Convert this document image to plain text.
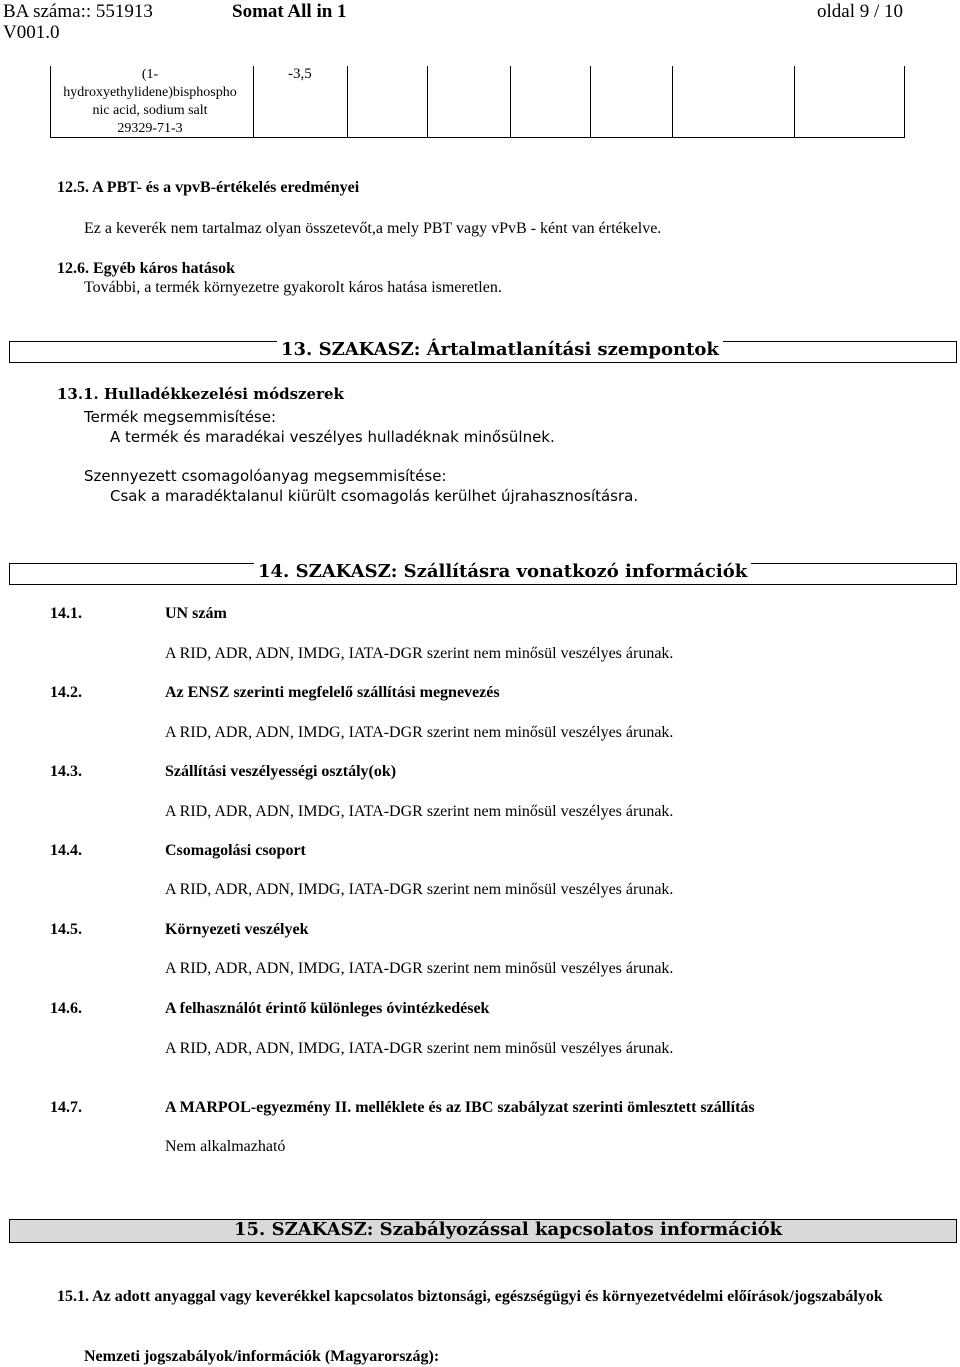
BA száma:: 551913	Somat All in 1	oldal 9 / 10
V001.0
(1-
hydroxyethylidene)bisphospho
nic acid, sodium salt
29329-71-3
-3,5
12.5. A PBT- és a vpvB-értékelés eredményei
Ez a keverék nem tartalmaz olyan összetevőt,a mely PBT vagy vPvB - ként van értékelve.
12.6. Egyéb káros hatások
További, a termék környezetre gyakorolt káros hatása ismeretlen.
13. SZAKASZ: Ártalmatlanítási szempontok
13.1. Hulladékkezelési módszerek
Termék megsemmisítése:
A termék és maradékai veszélyes hulladéknak minősülnek.
Szennyezett csomagolóanyag megsemmisítése:
Csak a maradéktalanul kiürült csomagolás kerülhet újrahasznosításra.
14. SZAKASZ: Szállításra vonatkozó információk
14.1.	UN szám
A RID, ADR, ADN, IMDG, IATA-DGR szerint nem minősül veszélyes árunak.
14.2.	Az ENSZ szerinti megfelelő szállítási megnevezés
A RID, ADR, ADN, IMDG, IATA-DGR szerint nem minősül veszélyes árunak.
14.3.	Szállítási veszélyességi osztály(ok)
A RID, ADR, ADN, IMDG, IATA-DGR szerint nem minősül veszélyes árunak.
14.4.	Csomagolási csoport
A RID, ADR, ADN, IMDG, IATA-DGR szerint nem minősül veszélyes árunak.
14.5.	Környezeti veszélyek
A RID, ADR, ADN, IMDG, IATA-DGR szerint nem minősül veszélyes árunak.
14.6.	A felhasználót érintő különleges óvintézkedések
A RID, ADR, ADN, IMDG, IATA-DGR szerint nem minősül veszélyes árunak.
14.7.	A MARPOL-egyezmény II. melléklete és az IBC szabályzat szerinti ömlesztett szállítás
Nem alkalmazható
15. SZAKASZ: Szabályozással kapcsolatos információk
15.1. Az adott anyaggal vagy keverékkel kapcsolatos biztonsági, egészségügyi és környezetvédelmi előírások/jogszabályok
Nemzeti jogszabályok/információk (Magyarország):
